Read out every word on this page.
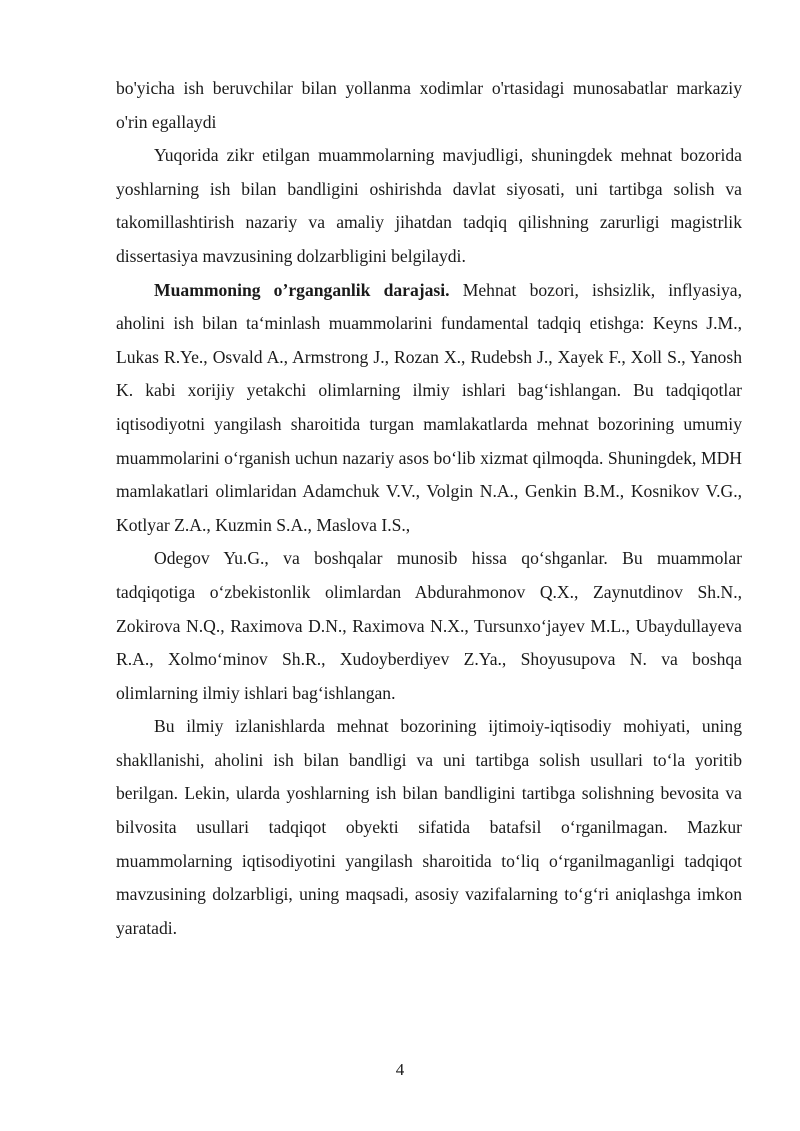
bo'yicha ish beruvchilar bilan yollanma xodimlar o'rtasidagi munosabatlar markaziy o'rin egallaydi

Yuqorida zikr etilgan muammolarning mavjudligi, shuningdek mehnat bozorida yoshlarning ish bilan bandligini oshirishda davlat siyosati, uni tartibga solish va takomillashtirish nazariy va amaliy jihatdan tadqiq qilishning zarurligi magistrlik dissertasiya mavzusining dolzarbligini belgilaydi.

Muammoning o’rganganlik darajasi. Mehnat bozori, ishsizlik, inflyasiya, aholini ish bilan taʻminlash muammolarini fundamental tadqiq etishga: Keyns J.M., Lukas R.Ye., Osvald A., Armstrong J., Rozan X., Rudebsh J., Xayek F., Xoll S., Yanosh K. kabi xorijiy yetakchi olimlarning ilmiy ishlari bagʻishlangan. Bu tadqiqotlar iqtisodiyotni yangilash sharoitida turgan mamlakatlarda mehnat bozorining umumiy muammolarini oʻrganish uchun nazariy asos boʻlib xizmat qilmoqda. Shuningdek, MDH mamlakatlari olimlaridan Adamchuk V.V., Volgin N.A., Genkin B.M., Kosnikov V.G., Kotlyar Z.A., Kuzmin S.A., Maslova I.S.,

Odegov Yu.G., va boshqalar munosib hissa qoʻshganlar. Bu muammolar tadqiqotiga oʻzbekistonlik olimlardan Abdurahmonov Q.X., Zaynutdinov Sh.N., Zokirova N.Q., Raximova D.N., Raximova N.X., Tursunxoʻjayev M.L., Ubaydullayeva R.A., Xolmoʻminov Sh.R., Xudoyberdiyev Z.Ya., Shoyusupova N. va boshqa olimlarning ilmiy ishlari bagʻishlangan.

Bu ilmiy izlanishlarda mehnat bozorining ijtimoiy-iqtisodiy mohiyati, uning shakllanishi, aholini ish bilan bandligi va uni tartibga solish usullari toʻla yoritib berilgan. Lekin, ularda yoshlarning ish bilan bandligini tartibga solishning bevosita va bilvosita usullari tadqiqot obyekti sifatida batafsil oʻrganilmagan. Mazkur muammolarning iqtisodiyotini yangilash sharoitida toʻliq oʻrganilmaganligi tadqiqot mavzusining dolzarbligi, uning maqsadi, asosiy vazifalarning toʻgʻri aniqlashga imkon yaratadi.

4
